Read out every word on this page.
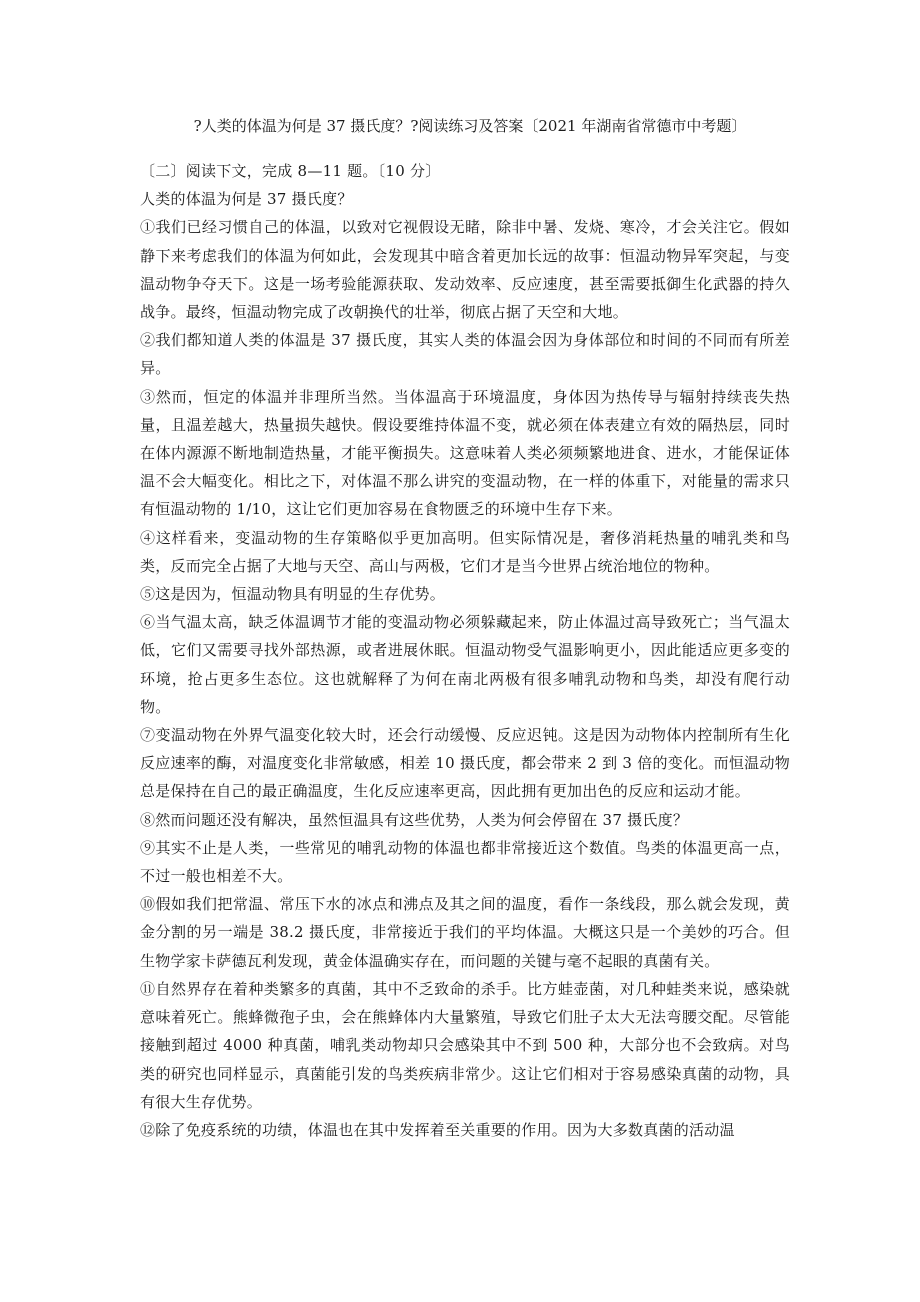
?人类的体温为何是 37 摄氏度？?阅读练习及答案〔2021 年湖南省常德市中考题〕

〔二〕阅读下文，完成 8—11 题。〔10 分〕

人类的体温为何是 37 摄氏度？

①我们已经习惯自己的体温，以致对它视假设无睹，除非中暑、发烧、寒冷，才会关注它。假如静下来考虑我们的体温为何如此，会发现其中暗含着更加长远的故事：恒温动物异军突起，与变温动物争夺天下。这是一场考验能源获取、发动效率、反应速度，甚至需要抵御生化武器的持久战争。最终，恒温动物完成了改朝换代的壮举，彻底占据了天空和大地。

②我们都知道人类的体温是 37 摄氏度，其实人类的体温会因为身体部位和时间的不同而有所差异。

③然而，恒定的体温并非理所当然。当体温高于环境温度，身体因为热传导与辐射持续丧失热量，且温差越大，热量损失越快。假设要维持体温不变，就必须在体表建立有效的隔热层，同时在体内源源不断地制造热量，才能平衡损失。这意味着人类必须频繁地进食、进水，才能保证体温不会大幅变化。相比之下，对体温不那么讲究的变温动物，在一样的体重下，对能量的需求只有恒温动物的 1/10，这让它们更加容易在食物匮乏的环境中生存下来。

④这样看来，变温动物的生存策略似乎更加高明。但实际情况是，奢侈消耗热量的哺乳类和鸟类，反而完全占据了大地与天空、高山与两极，它们才是当今世界占统治地位的物种。

⑤这是因为，恒温动物具有明显的生存优势。

⑥当气温太高，缺乏体温调节才能的变温动物必须躲藏起来，防止体温过高导致死亡；当气温太低，它们又需要寻找外部热源，或者进展休眠。恒温动物受气温影响更小，因此能适应更多变的环境，抢占更多生态位。这也就解释了为何在南北两极有很多哺乳动物和鸟类，却没有爬行动物。

⑦变温动物在外界气温变化较大时，还会行动缓慢、反应迟钝。这是因为动物体内控制所有生化反应速率的酶，对温度变化非常敏感，相差 10 摄氏度，都会带来 2 到 3 倍的变化。而恒温动物总是保持在自己的最正确温度，生化反应速率更高，因此拥有更加出色的反应和运动才能。

⑧然而问题还没有解决，虽然恒温具有这些优势，人类为何会停留在 37 摄氏度？

⑨其实不止是人类，一些常见的哺乳动物的体温也都非常接近这个数值。鸟类的体温更高一点，不过一般也相差不大。

⑩假如我们把常温、常压下水的冰点和沸点及其之间的温度，看作一条线段，那么就会发现，黄金分割的另一端是 38.2 摄氏度，非常接近于我们的平均体温。大概这只是一个美妙的巧合。但生物学家卡萨德瓦利发现，黄金体温确实存在，而问题的关键与毫不起眼的真菌有关。

⑪自然界存在着种类繁多的真菌，其中不乏致命的杀手。比方蛙壶菌，对几种蛙类来说，感染就意味着死亡。熊蜂微孢子虫，会在熊蜂体内大量繁殖，导致它们肚子太大无法弯腰交配。尽管能接触到超过 4000 种真菌，哺乳类动物却只会感染其中不到 500 种，大部分也不会致病。对鸟类的研究也同样显示，真菌能引发的鸟类疾病非常少。这让它们相对于容易感染真菌的动物，具有很大生存优势。

⑫除了免疫系统的功绩，体温也在其中发挥着至关重要的作用。因为大多数真菌的活动温
